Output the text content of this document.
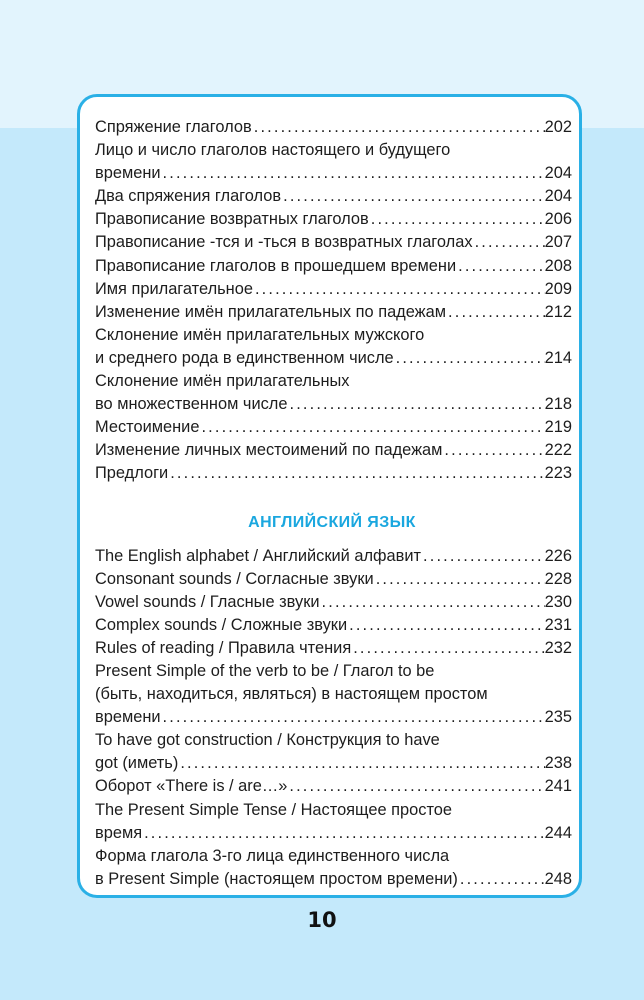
Спряжение глаголов . . .	202
Лицо и число глаголов настоящего и будущего
времени . . .	204
Два спряжения глаголов . . .	204
Правописание возвратных глаголов . . .	206
Правописание -тся и -ться в возвратных глаголах . . .	207
Правописание глаголов в прошедшем времени . . .	208
Имя прилагательное . . .	209
Изменение имён прилагательных по падежам . . .	212
Склонение имён прилагательных мужского
и среднего рода в единственном числе . . .	214
Склонение имён прилагательных
во множественном числе . . .	218
Местоимение . . .	219
Изменение личных местоимений по падежам . . .	222
Предлоги . . .	223
АНГЛИЙСКИЙ ЯЗЫК
The English alphabet / Английский алфавит . . .	226
Consonant sounds / Согласные звуки . . .	228
Vowel sounds / Гласные звуки . . .	230
Complex sounds / Сложные звуки . . .	231
Rules of reading / Правила чтения . . .	232
Present Simple of the verb to be / Глагол to be
(быть, находиться, являться) в настоящем простом
времени . . .	235
To have got construction / Конструкция to have
got (иметь) . . .	238
Оборот «There is / are…» . . .	241
The Present Simple Tense / Настоящее простое
время . . .	244
Форма глагола 3-го лица единственного числа
в Present Simple (настоящем простом времени) . . .	248
10
